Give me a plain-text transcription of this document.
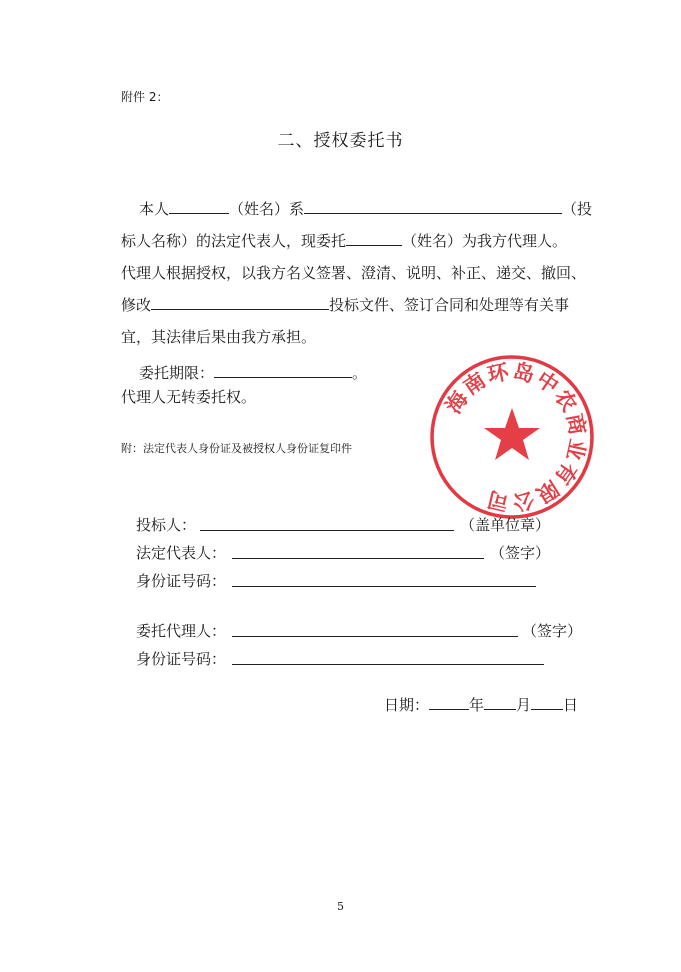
附件 2：
二、授权委托书
本人	（姓名）系	（投
标人名称）的法定代表人，现委托	（姓名）为我方代理人。
代理人根据授权，以我方名义签署、澄清、说明、补正、递交、撤回、
修改	投标文件、签订合同和处理等有关事
宜，其法律后果由我方承担。
委托期限：	。
代理人无转委托权。
附：法定代表人身份证及被授权人身份证复印件
海南环岛中农商业有限公司
投标人：	（盖单位章）
法定代表人：	（签字）
身份证号码：
委托代理人：	（签字）
身份证号码：
日期：	年 月 日
5
